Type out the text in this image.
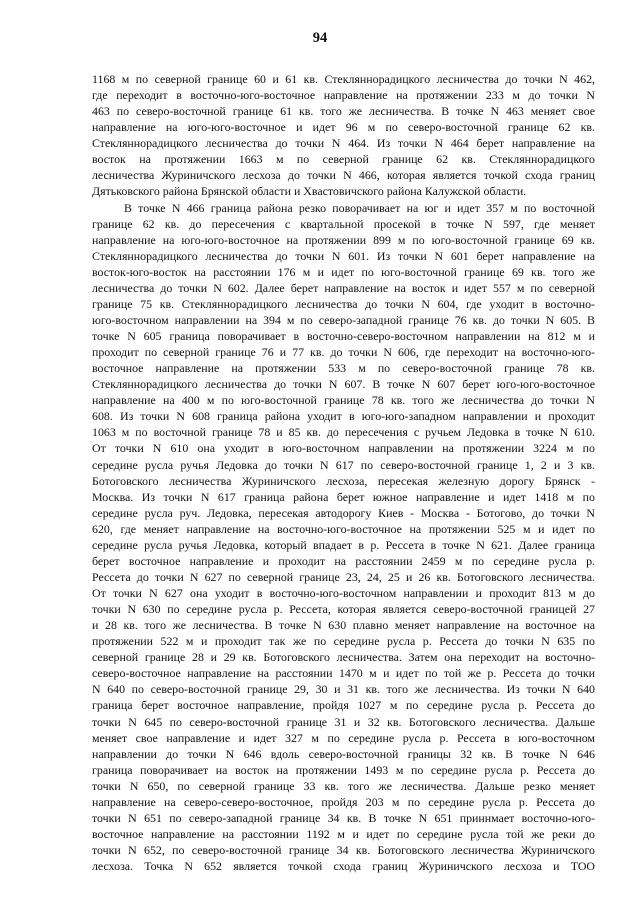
94
1168 м по северной границе 60 и 61 кв. Стекляннорадицкого лесничества до точки N 462,
где переходит в восточно-юго-восточное направление на протяжении 233 м до точки N
463 по северо-восточной границе 61 кв. того же лесничества. В точке N 463 меняет свое
направление на юго-юго-восточное и идет 96 м по северо-восточной границе 62 кв.
Стекляннорадицкого лесничества до точки N 464. Из точки N 464 берет направление на
восток на протяжении 1663 м по северной границе 62 кв. Стекляннорадицкого
лесничества Журиничского лесхоза до точки N 466, которая является точкой схода границ
Дятьковского района Брянской области и Хвастовичского района Калужской области.
В точке N 466 граница района резко поворачивает на юг и идет 357 м по восточной
границе 62 кв. до пересечения с квартальной просекой в точке N 597, где меняет
направление на юго-юго-восточное на протяжении 899 м по юго-восточной границе 69 кв.
Стекляннорадицкого лесничества до точки N 601. Из точки N 601 берет направление на
восток-юго-восток на расстоянии 176 м и идет по юго-восточной границе 69 кв. того же
лесничества до точки N 602. Далее берет направление на восток и идет 557 м по северной
границе 75 кв. Стекляннорадицкого лесничества до точки N 604, где уходит в восточно-
юго-восточном направлении на 394 м по северо-западной границе 76 кв. до точки N 605. В
точке N 605 граница поворачивает в восточно-северо-восточном направлении на 812 м и
проходит по северной границе 76 и 77 кв. до точки N 606, где переходит на восточно-юго-
восточное направление на протяжении 533 м по северо-восточной границе 78 кв.
Стекляннорадицкого лесничества до точки N 607. В точке N 607 берет юго-юго-восточное
направление на 400 м по юго-восточной границе 78 кв. того же лесничества до точки N
608. Из точки N 608 граница района уходит в юго-юго-западном направлении и проходит
1063 м по восточной границе 78 и 85 кв. до пересечения с ручьем Ледовка в точке N 610.
От точки N 610 она уходит в юго-восточном направлении на протяжении 3224 м по
середине русла ручья Ледовка до точки N 617 по северо-восточной границе 1, 2 и 3 кв.
Ботоговского лесничества Журиничского лесхоза, пересекая железную дорогу Брянск -
Москва. Из точки N 617 граница района берет южное направление и идет 1418 м по
середине русла руч. Ледовка, пересекая автодорогу Киев - Москва - Ботогово, до точки N
620, где меняет направление на восточно-юго-восточное на протяжении 525 м и идет по
середине русла ручья Ледовка, который впадает в р. Рессета в точке N 621. Далее граница
берет восточное направление и проходит на расстоянии 2459 м по середине русла р.
Рессета до точки N 627 по северной границе 23, 24, 25 и 26 кв. Ботоговского лесничества.
От точки N 627 она уходит в восточно-юго-восточном направлении и проходит 813 м до
точки N 630 по середине русла р. Рессета, которая является северо-восточной границей 27
и 28 кв. того же лесничества. В точке N 630 плавно меняет направление на восточное на
протяжении 522 м и проходит так же по середине русла р. Рессета до точки N 635 по
северной границе 28 и 29 кв. Ботоговского лесничества. Затем она переходит на восточно-
северо-восточное направление на расстоянии 1470 м и идет по той же р. Рессета до точки
N 640 по северо-восточной границе 29, 30 и 31 кв. того же лесничества. Из точки N 640
граница берет восточное направление, пройдя 1027 м по середине русла р. Рессета до
точки N 645 по северо-восточной границе 31 и 32 кв. Ботоговского лесничества. Дальше
меняет свое направление и идет 327 м по середине русла р. Рессета в юго-восточном
направлении до точки N 646 вдоль северо-восточной границы 32 кв. В точке N 646
граница поворачивает на восток на протяжении 1493 м по середине русла р. Рессета до
точки N 650, по северной границе 33 кв. того же лесничества. Дальше резко меняет
направление на северо-северо-восточное, пройдя 203 м по середине русла р. Рессета до
точки N 651 по северо-западной границе 34 кв. В точке N 651 приннмает восточно-юго-
восточное направление на расстоянии 1192 м и идет по середине русла той же реки до
точки N 652, по северо-восточной границе 34 кв. Ботоговского лесничества Журиничского
лесхоза. Точка N 652 является точкой схода границ Журиничского лесхоза и ТОО
